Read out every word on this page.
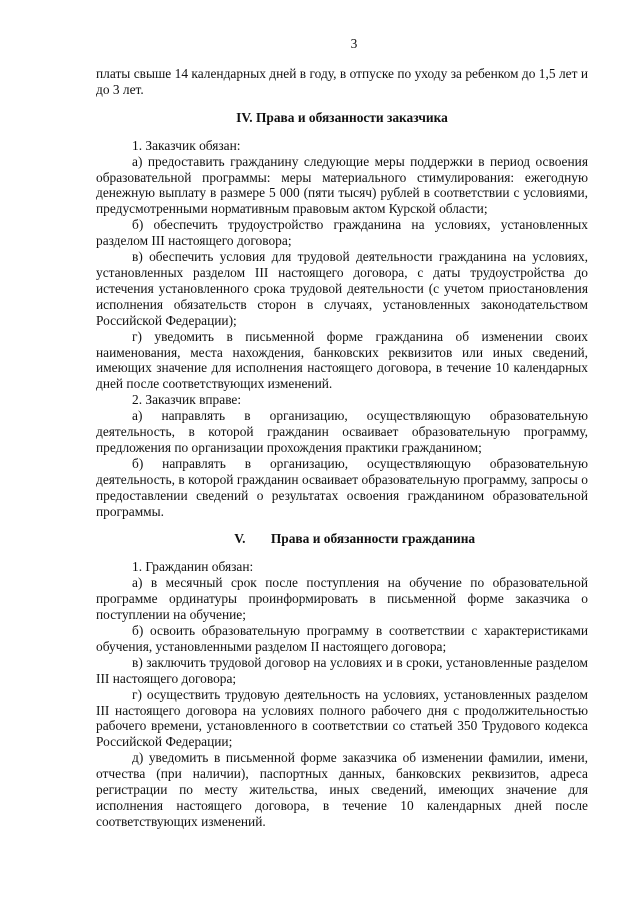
3

платы свыше 14 календарных дней в году, в отпуске по уходу за ребенком до 1,5 лет и до 3 лет.

IV. Права и обязанности заказчика

1. Заказчик обязан:

а) предоставить гражданину следующие меры поддержки в период освоения образовательной программы: меры материального стимулирования: ежегодную денежную выплату в размере 5 000 (пяти тысяч) рублей в соответствии с условиями, предусмотренными нормативным правовым актом Курской области;

б) обеспечить трудоустройство гражданина на условиях, установленных разделом III настоящего договора;

в) обеспечить условия для трудовой деятельности гражданина на условиях, установленных разделом III настоящего договора, с даты трудоустройства до истечения установленного срока трудовой деятельности (с учетом приостановления исполнения обязательств сторон в случаях, установленных законодательством Российской Федерации);

г) уведомить в письменной форме гражданина об изменении своих наименования, места нахождения, банковских реквизитов или иных сведений, имеющих значение для исполнения настоящего договора, в течение 10 календарных дней после соответствующих изменений.

2. Заказчик вправе:

а) направлять в организацию, осуществляющую образовательную деятельность, в которой гражданин осваивает образовательную программу, предложения по организации прохождения практики гражданином;

б) направлять в организацию, осуществляющую образовательную деятельность, в которой гражданин осваивает образовательную программу, запросы о предоставлении сведений о результатах освоения гражданином образовательной программы.

V. Права и обязанности гражданина

1. Гражданин обязан:

а) в месячный срок после поступления на обучение по образовательной программе ординатуры проинформировать в письменной форме заказчика о поступлении на обучение;

б) освоить образовательную программу в соответствии с характеристиками обучения, установленными разделом II настоящего договора;

в) заключить трудовой договор на условиях и в сроки, установленные разделом III настоящего договора;

г) осуществить трудовую деятельность на условиях, установленных разделом III настоящего договора на условиях полного рабочего дня с продолжительностью рабочего времени, установленного в соответствии со статьей 350 Трудового кодекса Российской Федерации;

д) уведомить в письменной форме заказчика об изменении фамилии, имени, отчества (при наличии), паспортных данных, банковских реквизитов, адреса регистрации по месту жительства, иных сведений, имеющих значение для исполнения настоящего договора, в течение 10 календарных дней после соответствующих изменений.
